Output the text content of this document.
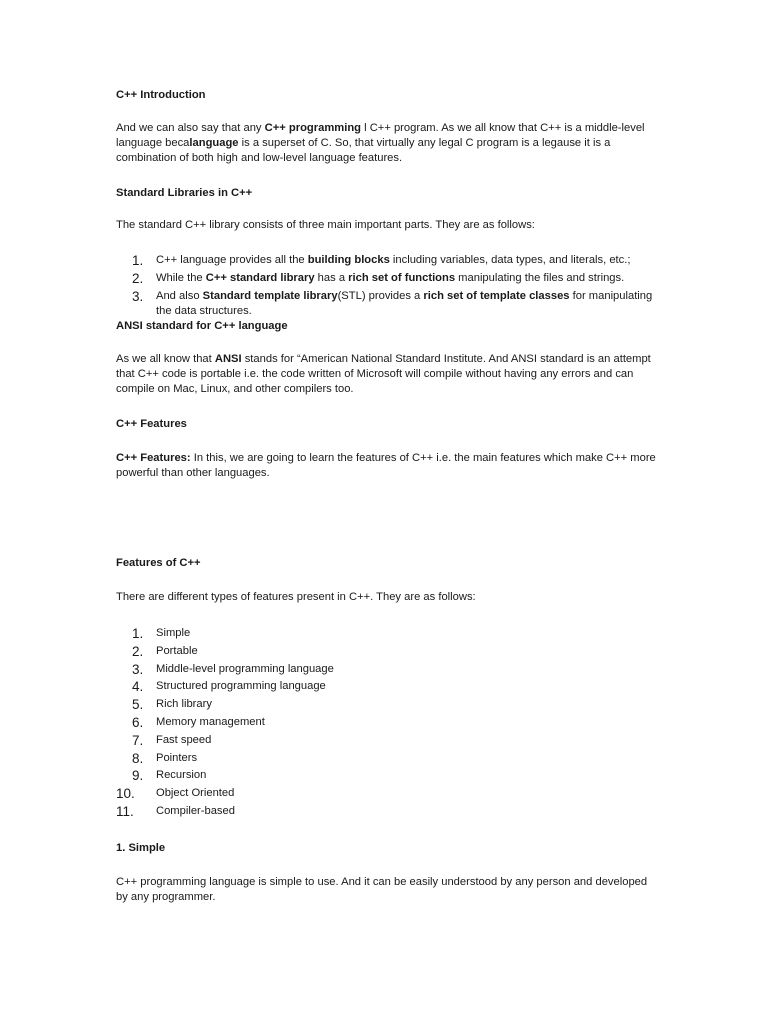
C++ Introduction

And we can also say that any C++ programming l C++ program. As we all know that C++ is a middle-level language becalanguage is a superset of C. So, that virtually any legal C program is a legause it is a combination of both high and low-level language features.

Standard Libraries in C++

The standard C++ library consists of three main important parts. They are as follows:

1. C++ language provides all the building blocks including variables, data types, and literals, etc.;
2. While the C++ standard library has a rich set of functions manipulating the files and strings.
3. And also Standard template library(STL) provides a rich set of template classes for manipulating the data structures.

ANSI standard for C++ language

As we all know that ANSI stands for “American National Standard Institute. And ANSI standard is an attempt that C++ code is portable i.e. the code written of Microsoft will compile without having any errors and can compile on Mac, Linux, and other compilers too.

C++ Features

C++ Features: In this, we are going to learn the features of C++ i.e. the main features which make C++ more powerful than other languages.

Features of C++

There are different types of features present in C++. They are as follows:

1. Simple
2. Portable
3. Middle-level programming language
4. Structured programming language
5. Rich library
6. Memory management
7. Fast speed
8. Pointers
9. Recursion
10. Object Oriented
11. Compiler-based

1. Simple

C++ programming language is simple to use. And it can be easily understood by any person and developed by any programmer.
